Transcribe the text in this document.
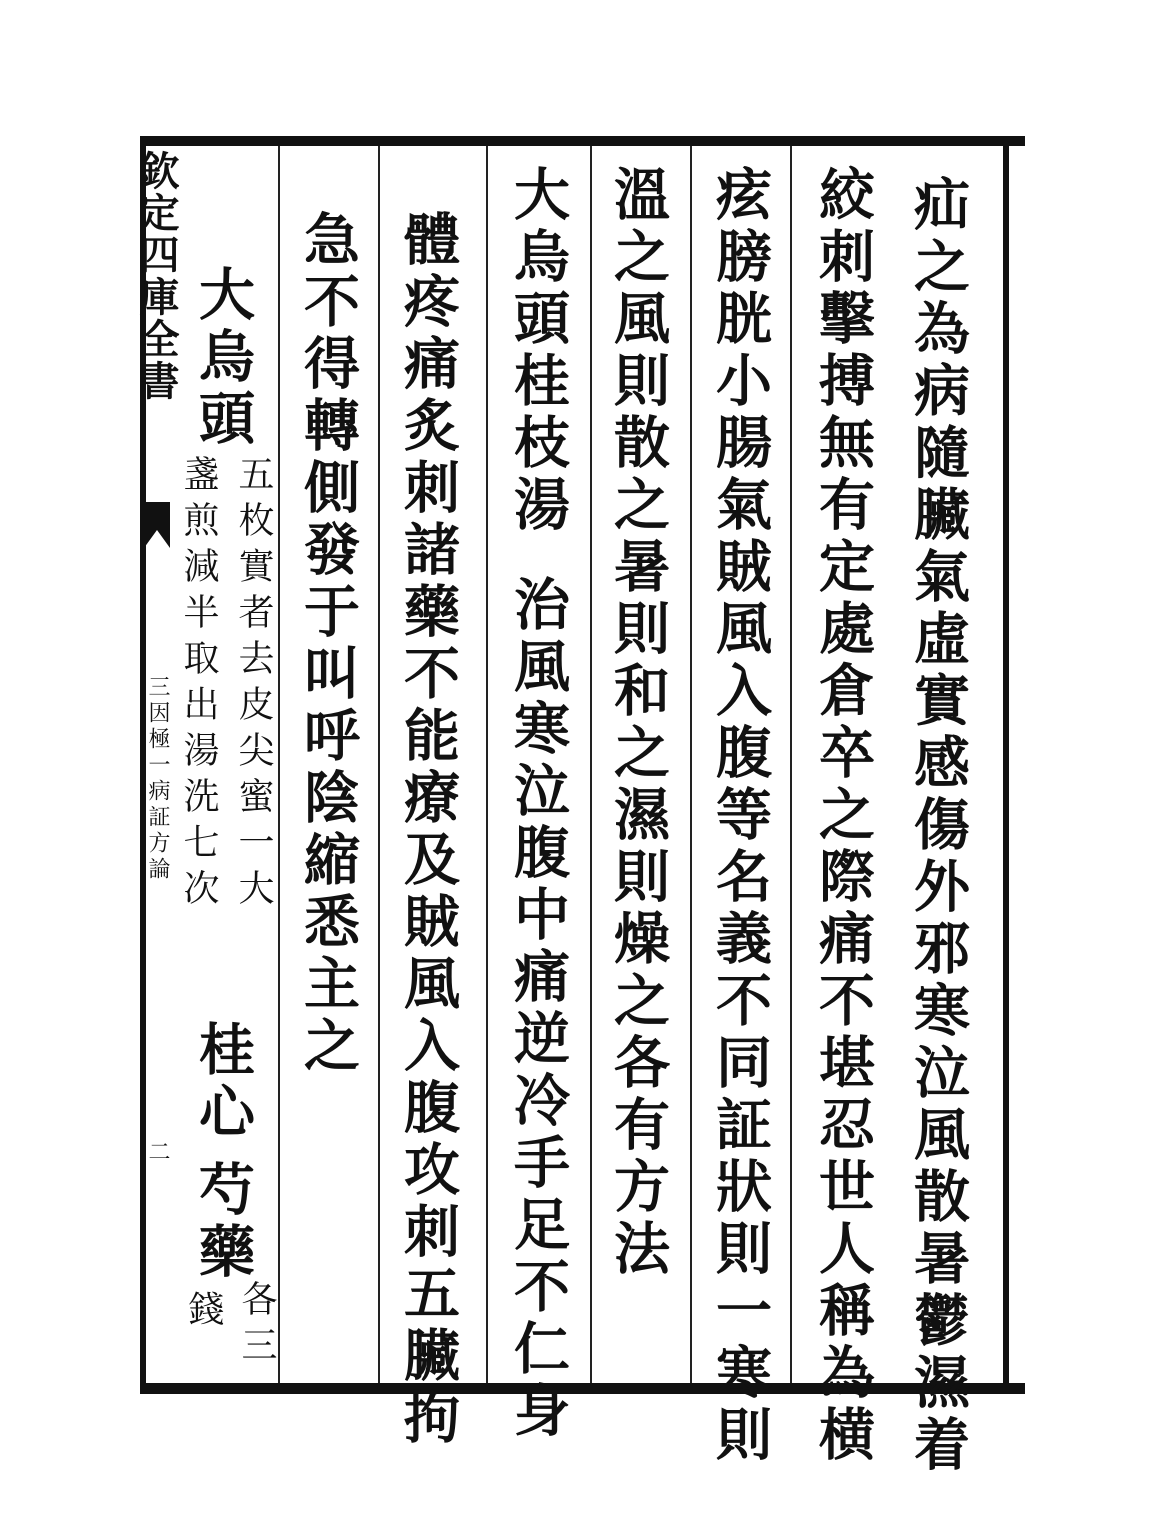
欽定四庫全書
三因極一病証方論
二	疝之為病隨臟氣虛實感傷外邪寒泣風散暑鬱濕着
絞刺擊搏無有定處倉卒之際痛不堪忍世人稱為横
痃膀胱小腸氣賊風入腹等名義不同証狀則一寒則
溫之風則散之暑則和之濕則燥之各有方法
大烏頭桂枝湯
治風寒泣腹中痛逆冷手足不仁身
體疼痛炙刺諸藥不能療及賊風入腹攻刺五臟拘
急不得轉側發于叫呼陰縮悉主之
大烏頭
五枚實者去皮尖蜜一大
盞煎減半取出湯洗七次
桂心
芍藥
各三
錢
